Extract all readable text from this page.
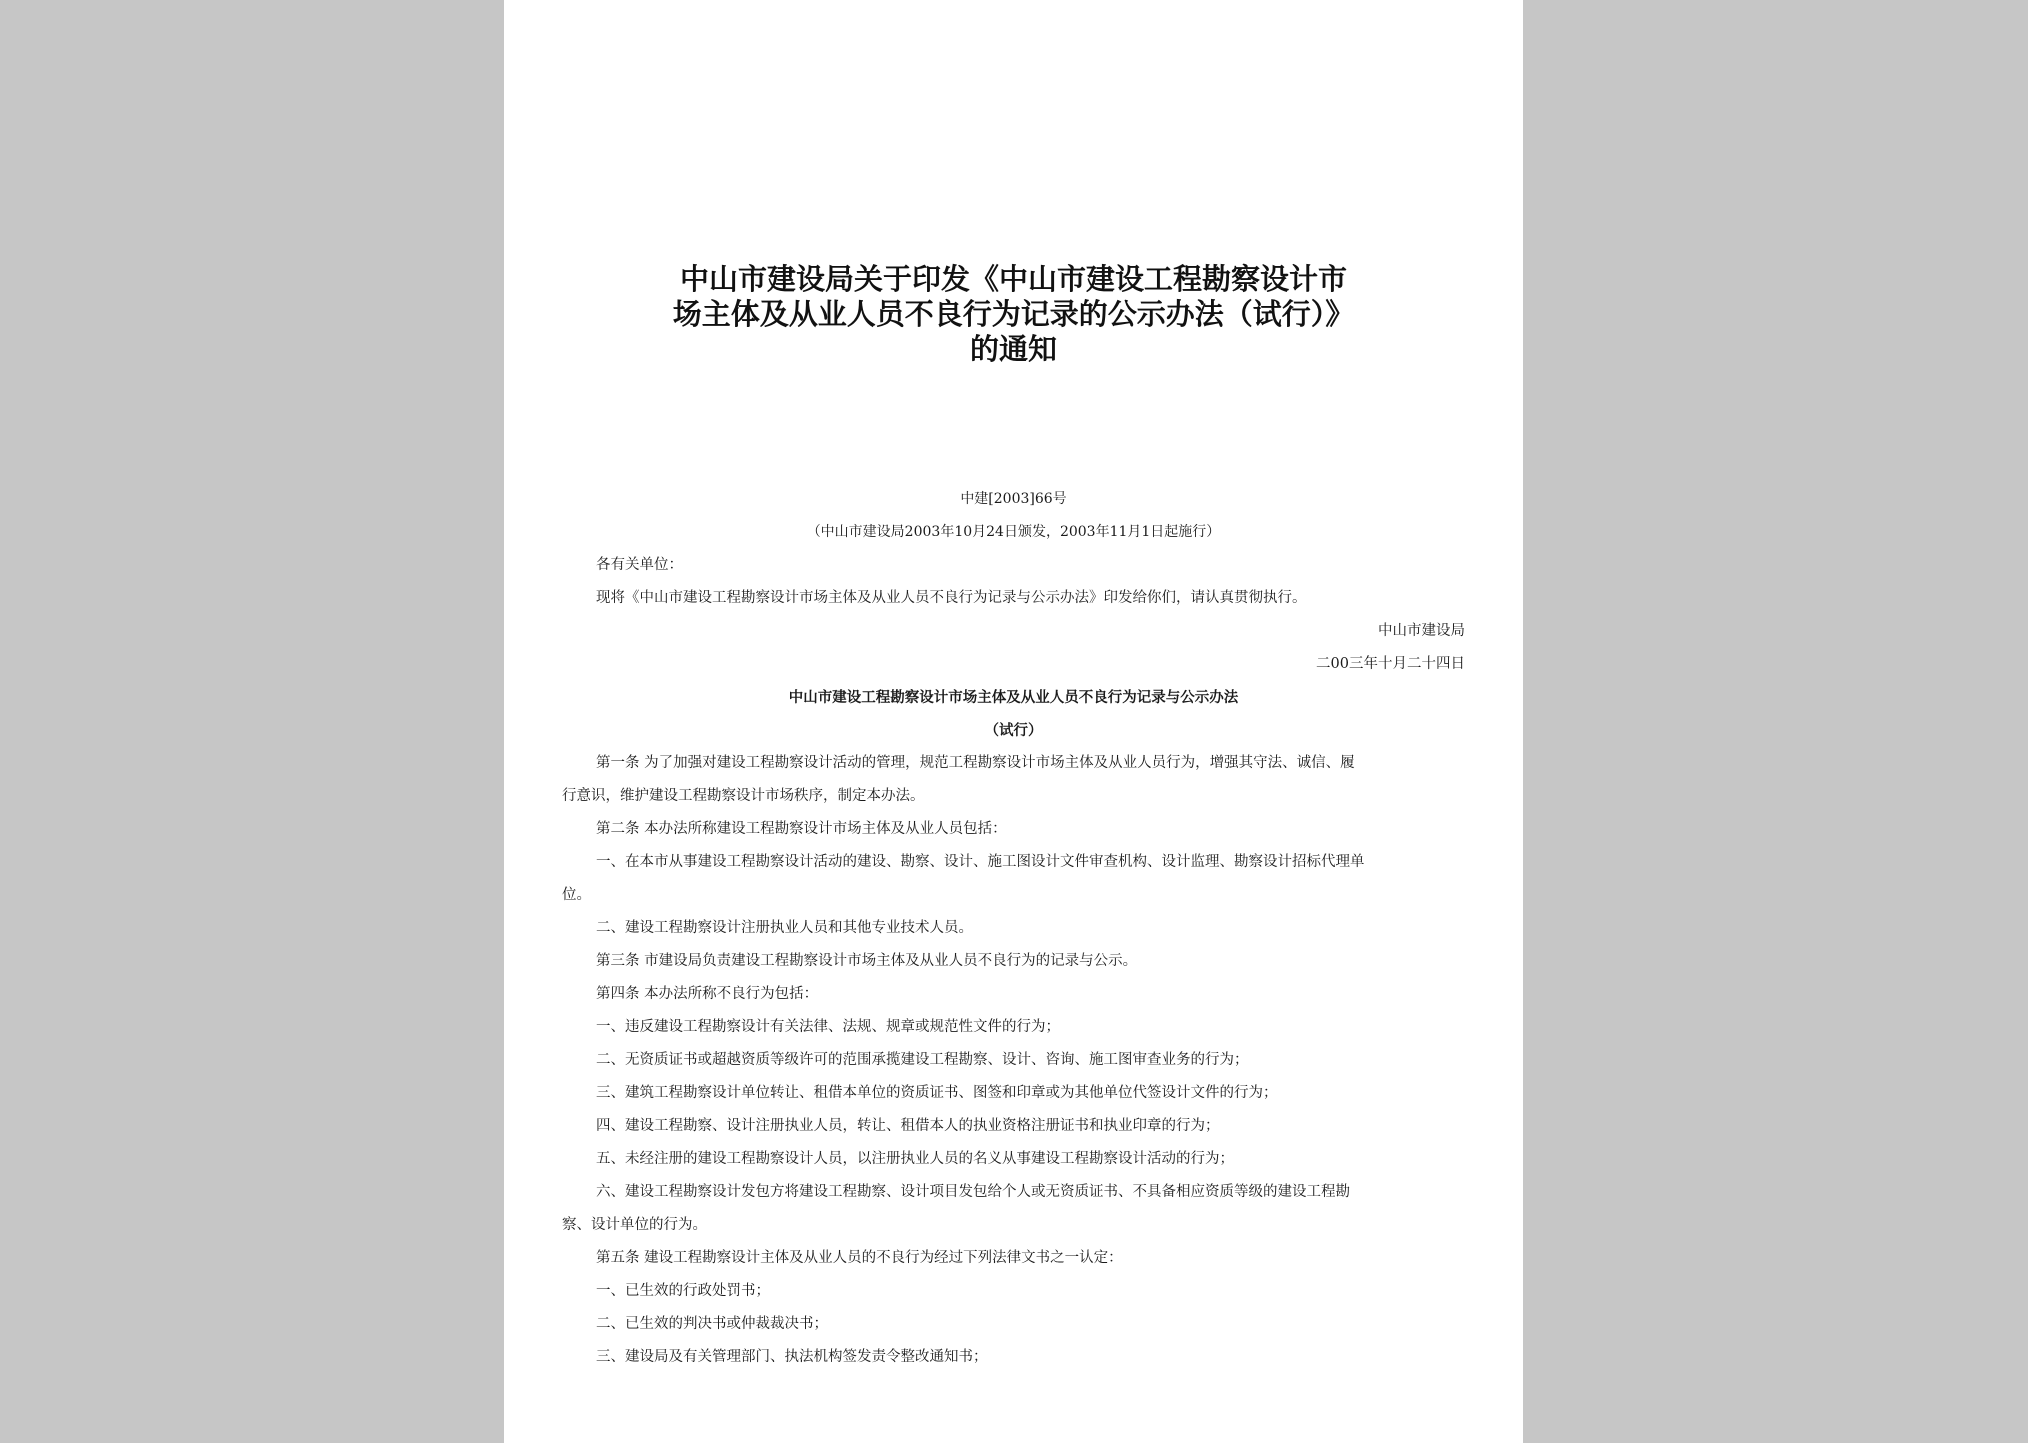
中山市建设局关于印发《中山市建设工程勘察设计市
场主体及从业人员不良行为记录的公示办法（试行）》
的通知
中建[2003]66号
（中山市建设局2003年10月24日颁发，2003年11月1日起施行）
各有关单位：
现将《中山市建设工程勘察设计市场主体及从业人员不良行为记录与公示办法》印发给你们，请认真贯彻执行。
中山市建设局
二00三年十月二十四日
中山市建设工程勘察设计市场主体及从业人员不良行为记录与公示办法
（试行）
第一条 为了加强对建设工程勘察设计活动的管理，规范工程勘察设计市场主体及从业人员行为，增强其守法、诚信、履
行意识，维护建设工程勘察设计市场秩序，制定本办法。
第二条 本办法所称建设工程勘察设计市场主体及从业人员包括：
一、在本市从事建设工程勘察设计活动的建设、勘察、设计、施工图设计文件审查机构、设计监理、勘察设计招标代理单
位。
二、建设工程勘察设计注册执业人员和其他专业技术人员。
第三条 市建设局负责建设工程勘察设计市场主体及从业人员不良行为的记录与公示。
第四条 本办法所称不良行为包括：
一、违反建设工程勘察设计有关法律、法规、规章或规范性文件的行为；
二、无资质证书或超越资质等级许可的范围承揽建设工程勘察、设计、咨询、施工图审查业务的行为；
三、建筑工程勘察设计单位转让、租借本单位的资质证书、图签和印章或为其他单位代签设计文件的行为；
四、建设工程勘察、设计注册执业人员，转让、租借本人的执业资格注册证书和执业印章的行为；
五、未经注册的建设工程勘察设计人员，以注册执业人员的名义从事建设工程勘察设计活动的行为；
六、建设工程勘察设计发包方将建设工程勘察、设计项目发包给个人或无资质证书、不具备相应资质等级的建设工程勘
察、设计单位的行为。
第五条 建设工程勘察设计主体及从业人员的不良行为经过下列法律文书之一认定：
一、已生效的行政处罚书；
二、已生效的判决书或仲裁裁决书；
三、建设局及有关管理部门、执法机构签发责令整改通知书；
